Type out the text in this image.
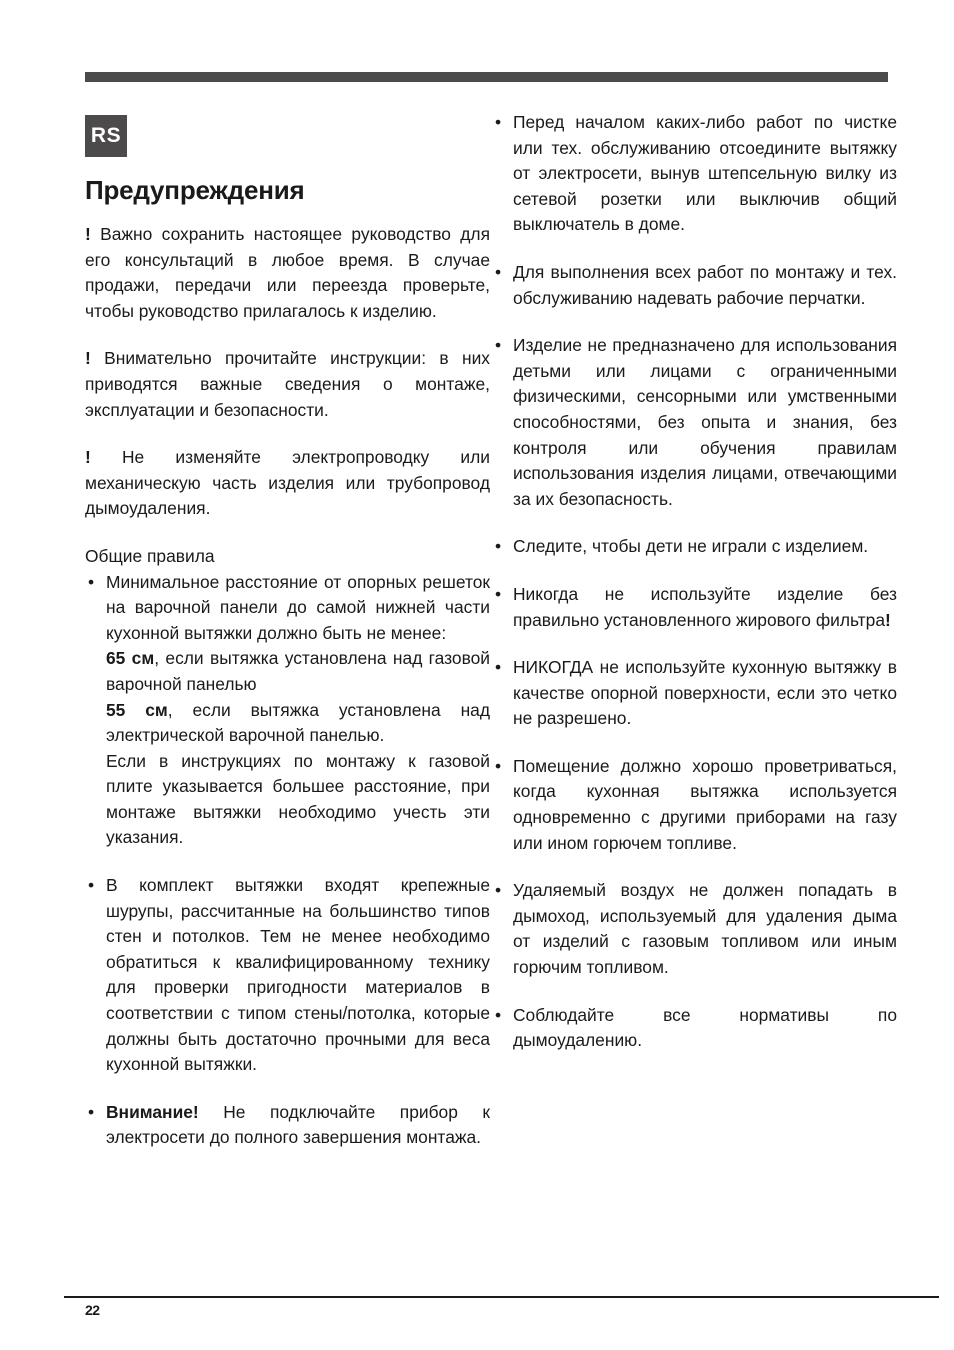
RS
Предупреждения

! Важно сохранить настоящее руководство для его консультаций в любое время. В случае продажи, передачи или переезда проверьте, чтобы руководство прилагалось к изделию.

! Внимательно прочитайте инструкции: в них приводятся важные сведения о монтаже, эксплуатации и безопасности.

! Не изменяйте электропроводку или механическую часть изделия или трубопровод дымоудаления.

Общие правила
• Минимальное расстояние от опорных решеток на варочной панели до самой нижней части кухонной вытяжки должно быть не менее:
65 см, если вытяжка установлена над газовой варочной панелью
55 см, если вытяжка установлена над электрической варочной панелью.
Если в инструкциях по монтажу к газовой плите указывается большее расстояние, при монтаже вытяжки необходимо учесть эти указания.
• В комплект вытяжки входят крепежные шурупы, рассчитанные на большинство типов стен и потолков. Тем не менее необходимо обратиться к квалифицированному технику для проверки пригодности материалов в соответствии с типом стены/потолка, которые должны быть достаточно прочными для веса кухонной вытяжки.
• Внимание! Не подключайте прибор к электросети до полного завершения монтажа.
• Перед началом каких-либо работ по чистке или тех. обслуживанию отсоедините вытяжку от электросети, вынув штепсельную вилку из сетевой розетки или выключив общий выключатель в доме.
• Для выполнения всех работ по монтажу и тех. обслуживанию надевать рабочие перчатки.
• Изделие не предназначено для использования детьми или лицами с ограниченными физическими, сенсорными или умственными способностями, без опыта и знания, без контроля или обучения правилам использования изделия лицами, отвечающими за их безопасность.
• Следите, чтобы дети не играли с изделием.
• Никогда не используйте изделие без правильно установленного жирового фильтра!
• НИКОГДА не используйте кухонную вытяжку в качестве опорной поверхности, если это четко не разрешено.
• Помещение должно хорошо проветриваться, когда кухонная вытяжка используется одновременно с другими приборами на газу или ином горючем топливе.
• Удаляемый воздух не должен попадать в дымоход, используемый для удаления дыма от изделий с газовым топливом или иным горючим топливом.
• Соблюдайте все нормативы по дымоудалению.
22
